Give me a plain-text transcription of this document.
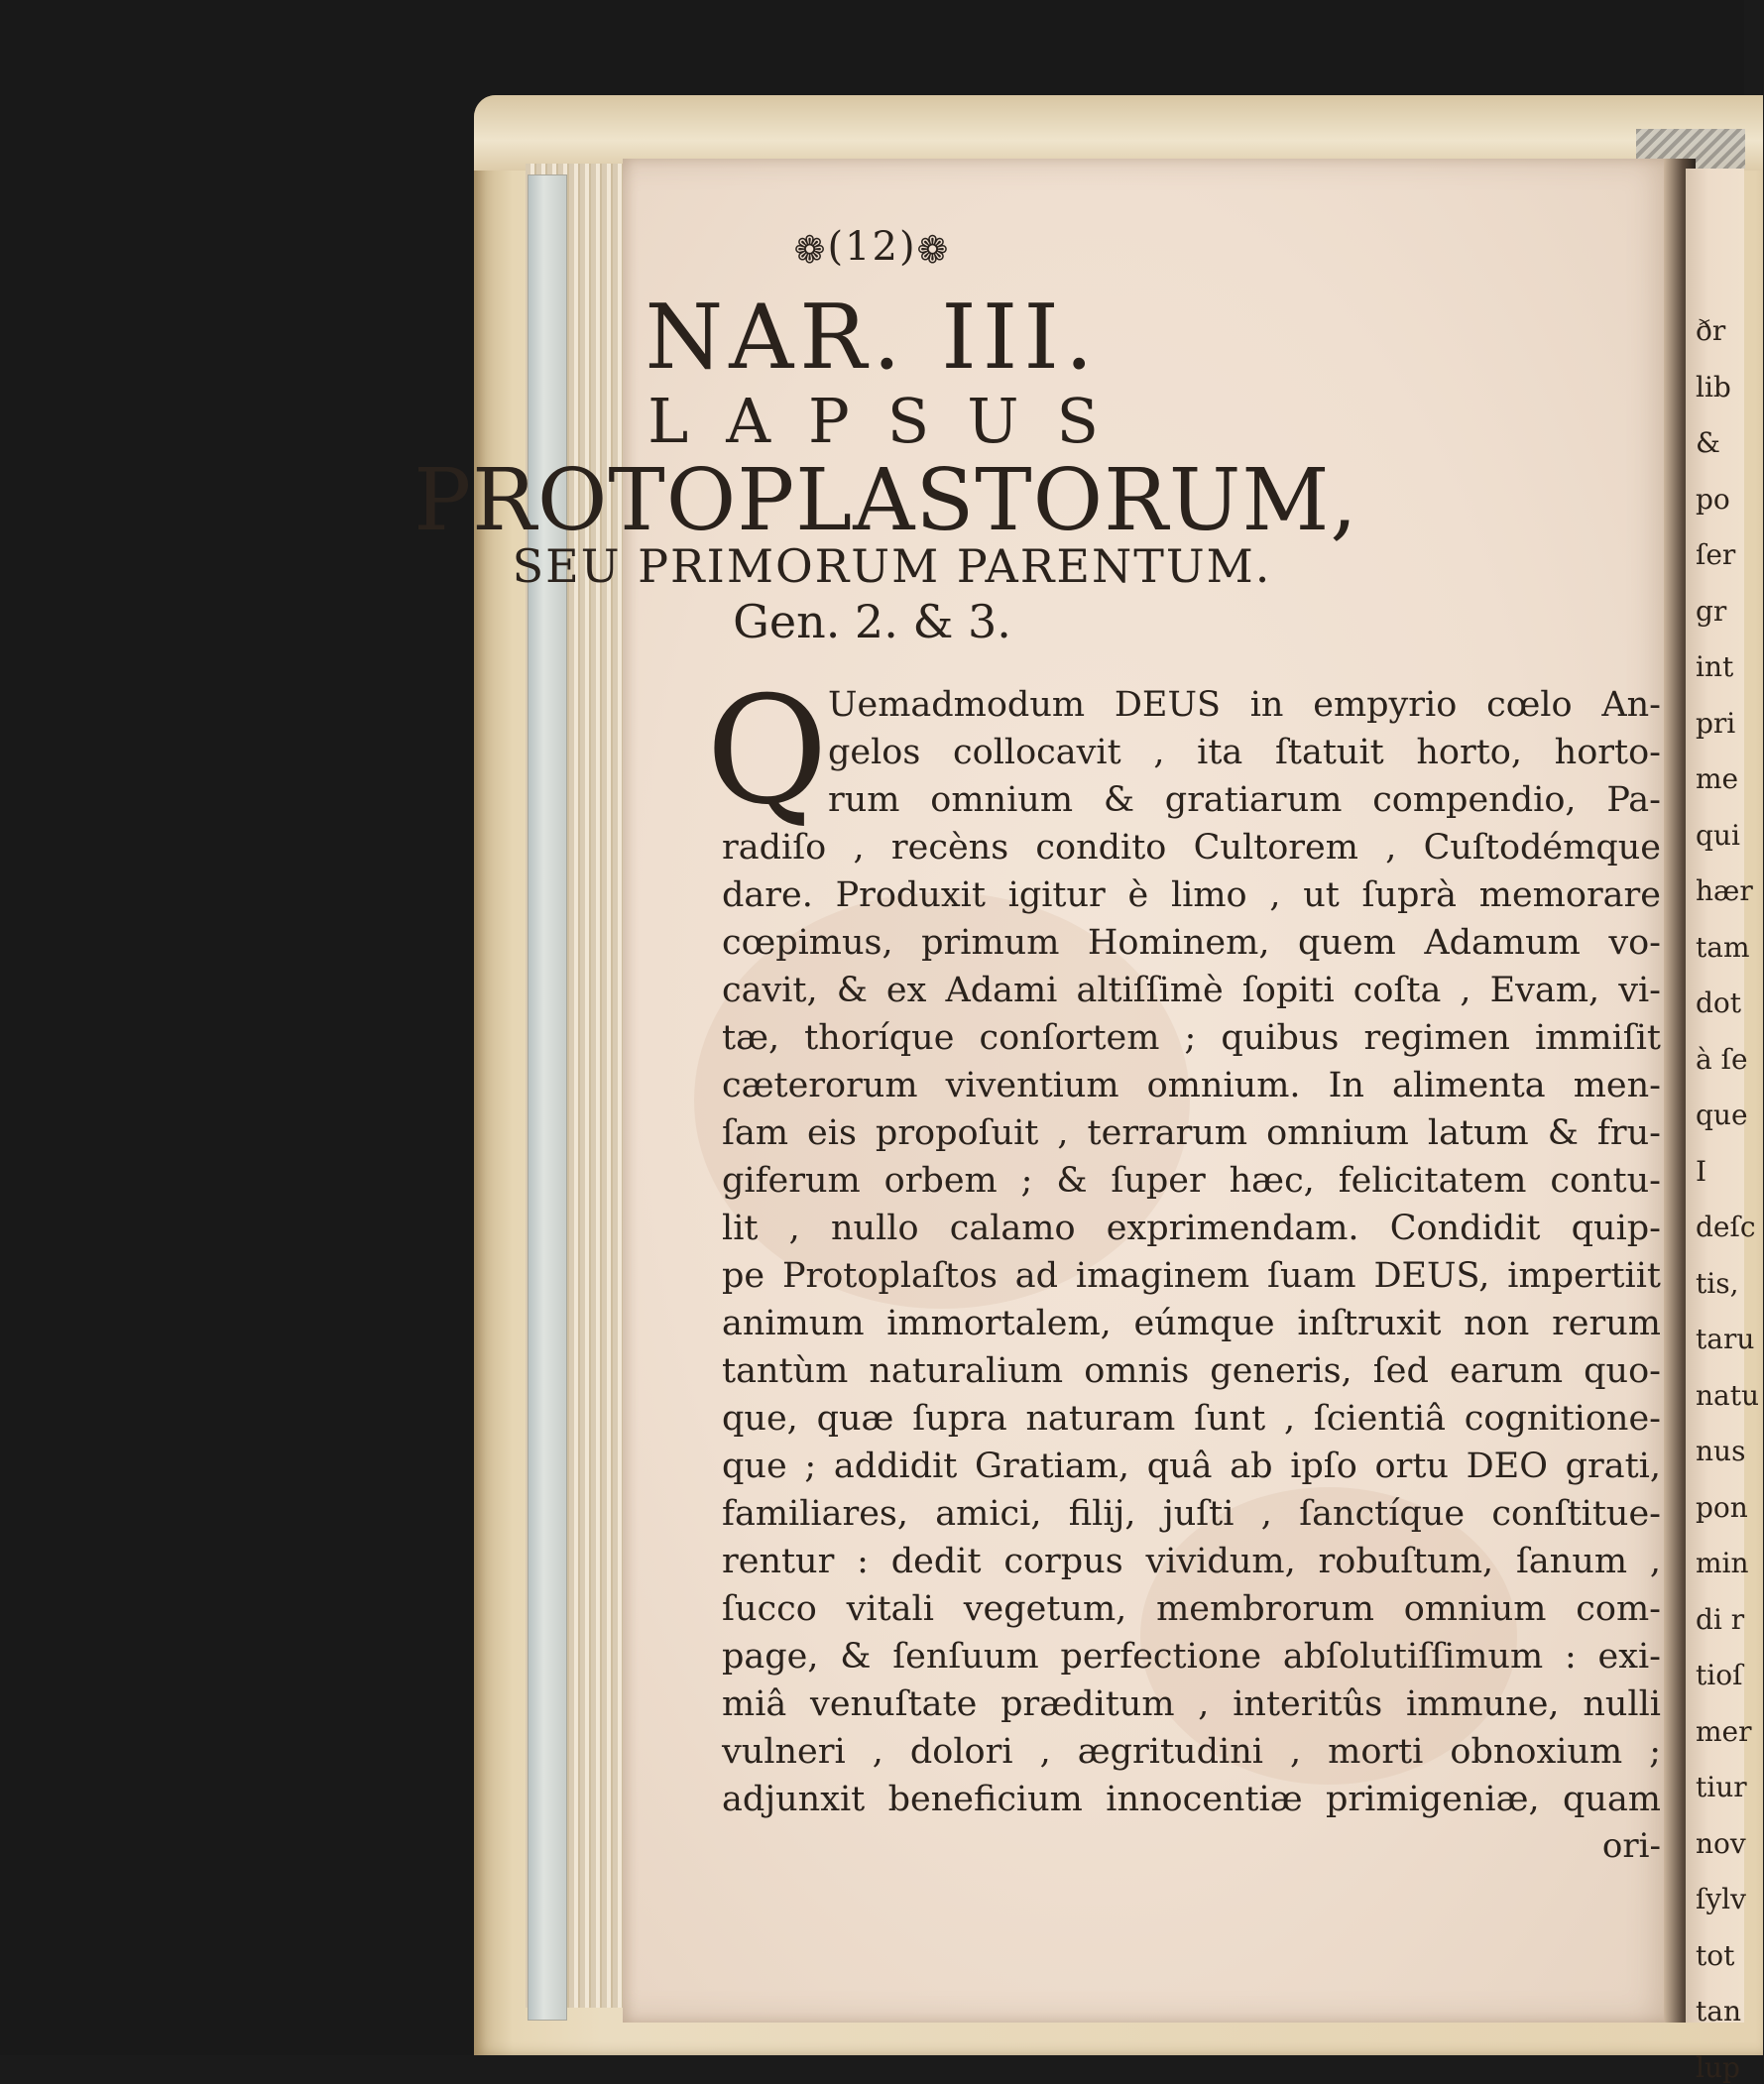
ðr
lib
&
po
ſer
gr
int
pri
me
qui
hær
tam
dot
à ſe
que
I
deſc
tis,
taru
natu
nus
pon
min
di r
tioſ
mer
tiur
nov
ſylv
tot
tan
lup
❁(12)❁
NAR. III.
LAPSUS
PROTOPLASTORUM,
SEU PRIMORUM PARENTUM.
Gen. 2. & 3.
Q Uemadmodum DEUS in empyrio cœlo An-
gelos collocavit , ita ſtatuit horto, horto-
rum omnium & gratiarum compendio, Pa-
radiſo , recèns condito Cultorem , Cuſtodémque
dare. Produxit igitur è limo , ut ſuprà memorare
cœpimus, primum Hominem, quem Adamum vo-
cavit, & ex Adami altiſſimè ſopiti coſta , Evam, vi-
tæ, thoríque conſortem ; quibus regimen immiſit
cæterorum viventium omnium. In alimenta men-
ſam eis propoſuit , terrarum omnium latum & fru-
giferum orbem ; & ſuper hæc, felicitatem contu-
lit , nullo calamo exprimendam. Condidit quip-
pe Protoplaſtos ad imaginem ſuam DEUS, impertiit
animum immortalem, eúmque inſtruxit non rerum
tantùm naturalium omnis generis, ſed earum quo-
que, quæ ſupra naturam ſunt , ſcientiâ cognitione-
que ; addidit Gratiam, quâ ab ipſo ortu DEO grati,
familiares, amici, filij, juſti , ſanctíque conſtitue-
rentur : dedit corpus vividum, robuſtum, ſanum ,
ſucco vitali vegetum, membrorum omnium com-
page, & ſenſuum perfectione abſolutiſſimum : exi-
miâ venuſtate præditum , interitûs immune, nulli
vulneri , dolori , ægritudini , morti obnoxium ;
adjunxit beneficium innocentiæ primigeniæ, quam
ori-
